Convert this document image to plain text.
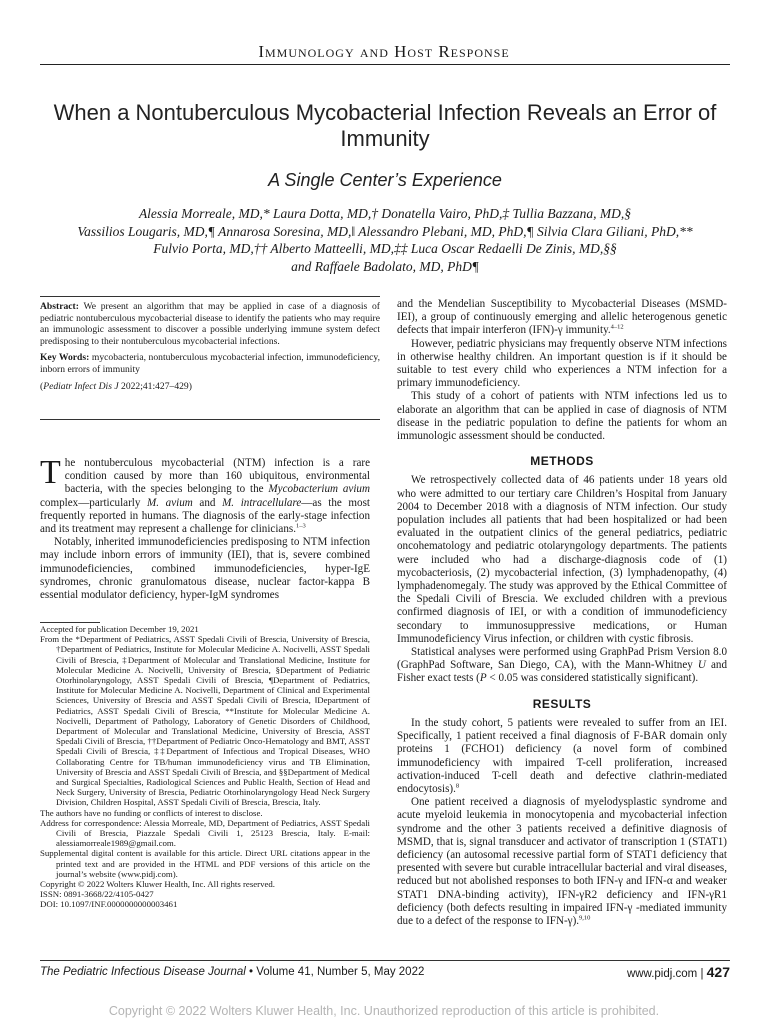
Immunology and Host Response
When a Nontuberculous Mycobacterial Infection Reveals an Error of Immunity
A Single Center’s Experience
Alessia Morreale, MD,* Laura Dotta, MD,† Donatella Vairo, PhD,‡ Tullia Bazzana, MD,§
Vassilios Lougaris, MD,¶ Annarosa Soresina, MD,‖ Alessandro Plebani, MD, PhD,¶ Silvia Clara Giliani, PhD,**
Fulvio Porta, MD,†† Alberto Matteelli, MD,‡‡ Luca Oscar Redaelli De Zinis, MD,§§
and Raffaele Badolato, MD, PhD¶

Abstract: We present an algorithm that may be applied in case of a diagnosis of pediatric nontuberculous mycobacterial disease to identify the patients who may require an immunologic assessment to discover a possible underlying immune system defect predisposing to their nontuberculous mycobacterial infections.

Key Words: mycobacteria, nontuberculous mycobacterial infection, immunodeficiency, inborn errors of immunity

(Pediatr Infect Dis J 2022;41:427–429)

The nontuberculous mycobacterial (NTM) infection is a rare condition caused by more than 160 ubiquitous, environmental bacteria, with the species belonging to the Mycobacterium avium complex—particularly M. avium and M. intracellulare—as the most frequently reported in humans. The diagnosis of the early-stage infection and its treatment may represent a challenge for clinicians.$^{1-3}$

Notably, inherited immunodeficiencies predisposing to NTM infection may include inborn errors of immunity (IEI), that is, severe combined immunodeficiencies, combined immunodeficiencies, hyper-IgE syndromes, chronic granulomatous disease, nuclear factor-kappa B essential modulator deficiency, hyper-IgM syndromes

Accepted for publication December 19, 2021

From the *Department of Pediatrics, ASST Spedali Civili of Brescia, University of Brescia, †Department of Pediatrics, Institute for Molecular Medicine A. Nocivelli, ASST Spedali Civili of Brescia, ‡Department of Molecular and Translational Medicine, Institute for Molecular Medicine A. Nocivelli, University of Brescia, §Department of Pediatric Otorhinolaryngology, ASST Spedali Civili of Brescia, ¶Department of Pediatrics, Institute for Molecular Medicine A. Nocivelli, Department of Clinical and Experimental Sciences, University of Brescia and ASST Spedali Civili of Brescia, ‖Department of Pediatrics, ASST Spedali Civili of Brescia, **Institute for Molecular Medicine A. Nocivelli, Department of Pathology, Laboratory of Genetic Disorders of Childhood, Department of Molecular and Translational Medicine, University of Brescia, ASST Spedali Civili of Brescia, ††Department of Pediatric Onco-Hematology and BMT, ASST Spedali Civili of Brescia, ‡‡Department of Infectious and Tropical Diseases, WHO Collaborating Centre for TB/human immunodeficiency virus and TB Elimination, University of Brescia and ASST Spedali Civili of Brescia, and §§Department of Medical and Surgical Specialties, Radiological Sciences and Public Health, Section of Head and Neck Surgery, University of Brescia, Pediatric Otorhinolaryngology Head Neck Surgery Division, Children Hospital, ASST Spedali Civili of Brescia, Brescia, Italy.

The authors have no funding or conflicts of interest to disclose.

Address for correspondence: Alessia Morreale, MD, Department of Pediatrics, ASST Spedali Civili of Brescia, Piazzale Spedali Civili 1, 25123 Brescia, Italy. E-mail: alessiamorreale1989@gmail.com.

Supplemental digital content is available for this article. Direct URL citations appear in the printed text and are provided in the HTML and PDF versions of this article on the journal’s website (www.pidj.com).

Copyright © 2022 Wolters Kluwer Health, Inc. All rights reserved.

ISSN: 0891-3668/22/4105-0427

DOI: 10.1097/INF.0000000000003461

and the Mendelian Susceptibility to Mycobacterial Diseases (MSMD-IEI), a group of continuously emerging and allelic heterogenous genetic defects that impair interferon (IFN)-γ immunity.$^{4-12}$

However, pediatric physicians may frequently observe NTM infections in otherwise healthy children. An important question is if it should be suitable to test every child who experiences a NTM infection for a primary immunodeficiency.

This study of a cohort of patients with NTM infections led us to elaborate an algorithm that can be applied in case of diagnosis of NTM disease in the pediatric population to define the patients for whom an immunologic assessment should be conducted.

METHODS

We retrospectively collected data of 46 patients under 18 years old who were admitted to our tertiary care Children’s Hospital from January 2004 to December 2018 with a diagnosis of NTM infection. Our study population includes all patients that had been hospitalized or had been evaluated in the outpatient clinics of the general pediatrics, pediatric oncohematology and pediatric otolaryngology departments. The patients were included who had a discharge-diagnosis code of (1) mycobacteriosis, (2) mycobacterial infection, (3) lymphadenopathy, (4) lymphadenomegaly. The study was approved by the Ethical Committee of the Spedali Civili of Brescia. We excluded children with a previous confirmed diagnosis of IEI, or with a condition of immunodeficiency secondary to immunosuppressive medications, or Human Immunodeficiency Virus infection, or children with cystic fibrosis.

Statistical analyses were performed using GraphPad Prism Version 8.0 (GraphPad Software, San Diego, CA), with the Mann-Whitney U and Fisher exact tests (P < 0.05 was considered statistically significant).

RESULTS

In the study cohort, 5 patients were revealed to suffer from an IEI. Specifically, 1 patient received a final diagnosis of F-BAR domain only proteins 1 (FCHO1) deficiency (a novel form of combined immunodeficiency with impaired T-cell proliferation, increased activation-induced T-cell death and defective clathrin-mediated endocytosis).$^8$

One patient received a diagnosis of myelodysplastic syndrome and acute myeloid leukemia in monocytopenia and mycobacterial infection syndrome and the other 3 patients received a definitive diagnosis of MSMD, that is, signal transducer and activator of transcription 1 (STAT1) deficiency (an autosomal recessive partial form of STAT1 deficiency that presented with severe but curable intracellular bacterial and viral diseases, reduced but not abolished responses to both IFN-γ and IFN-α and weaker STAT1 DNA-binding activity), IFN-γR2 deficiency and IFN-γR1 deficiency (both defects resulting in impaired IFN-γ -mediated immunity due to a defect of the response to IFN-γ).$^{9,10}$

The Pediatric Infectious Disease Journal • Volume 41, Number 5, May 2022	www.pidj.com | 427
Copyright © 2022 Wolters Kluwer Health, Inc. Unauthorized reproduction of this article is prohibited.
